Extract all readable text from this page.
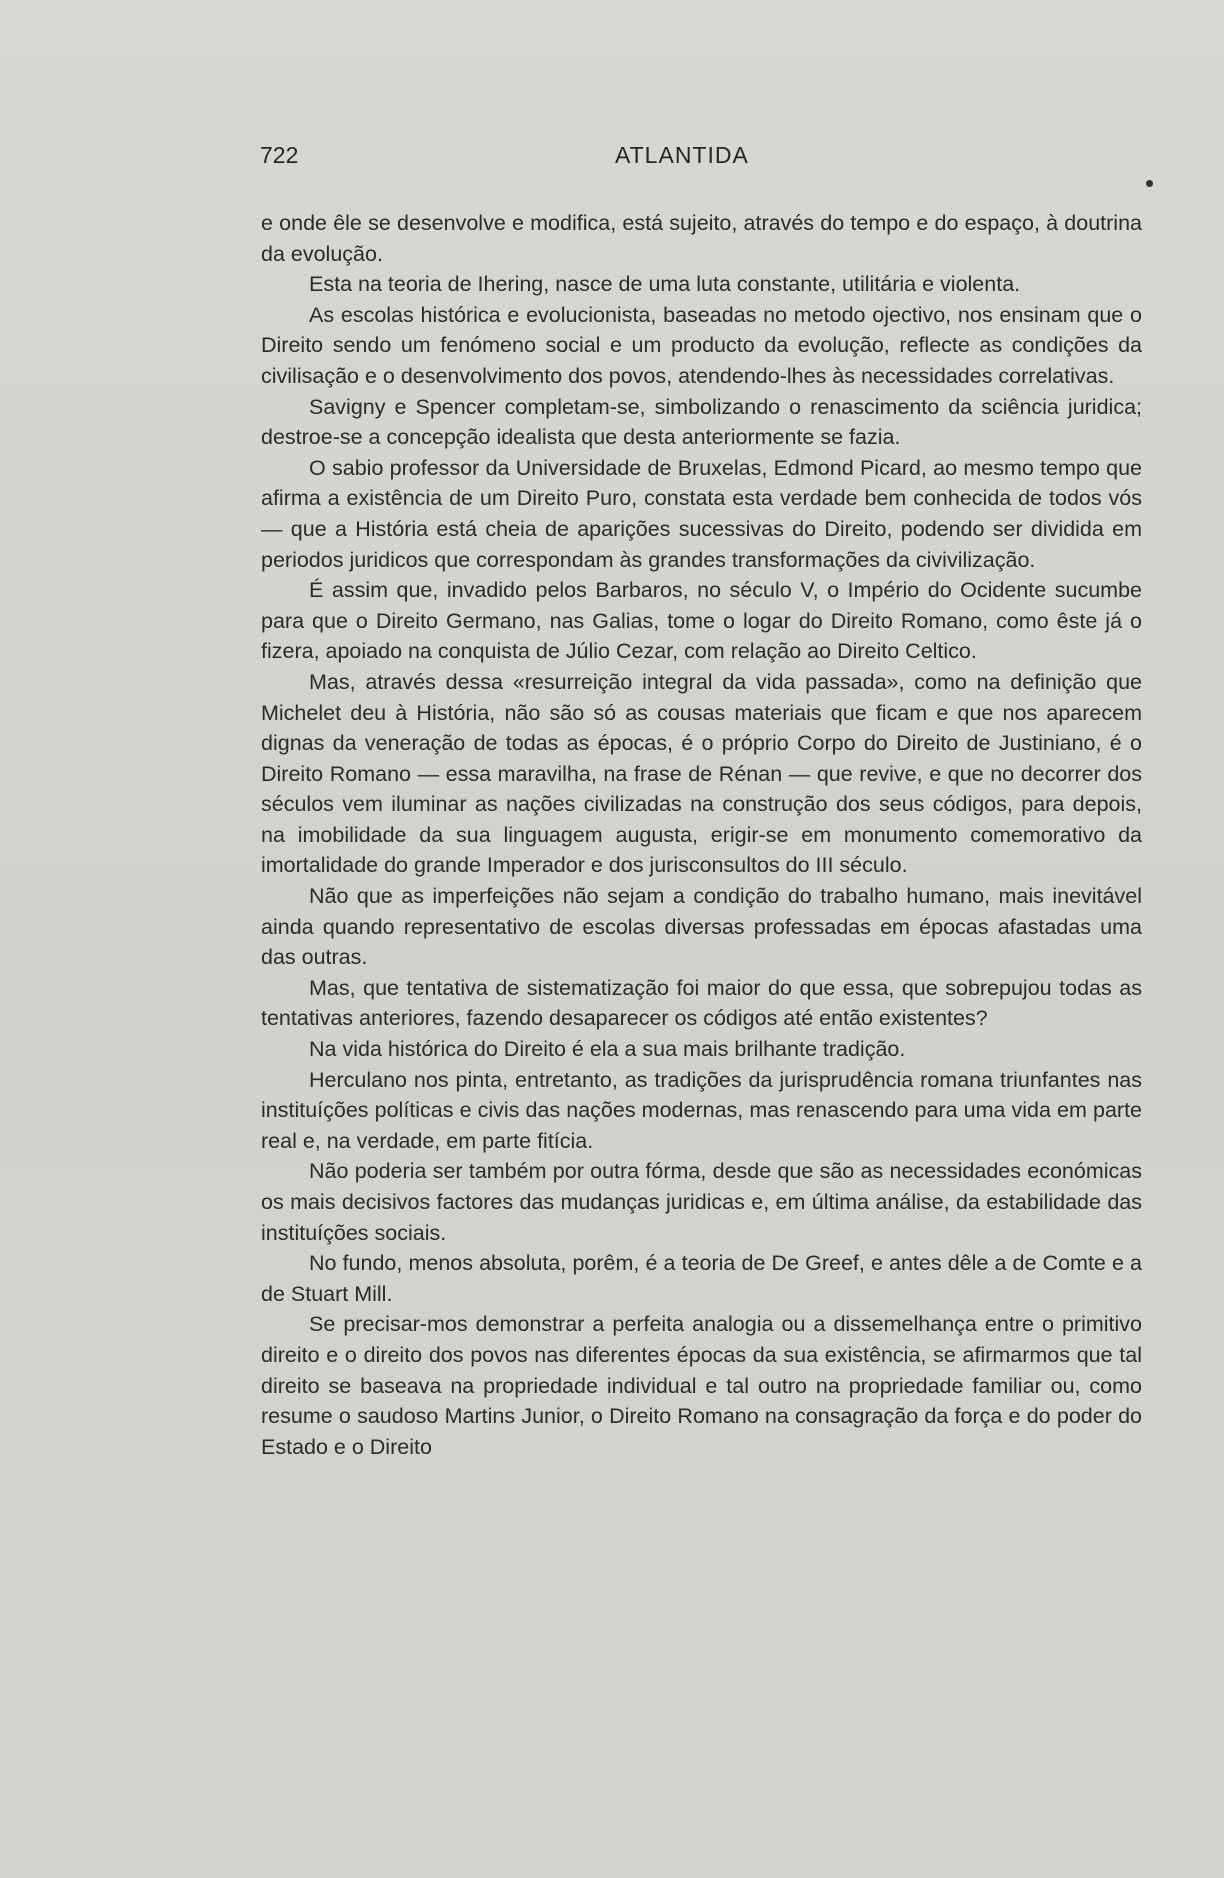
722	ATLANTIDA

e onde êle se desenvolve e modifica, está sujeito, através do tempo e do espaço, à doutrina da evolução.

Esta na teoria de Ihering, nasce de uma luta constante, utilitária e violenta.

As escolas histórica e evolucionista, baseadas no metodo ojectivo, nos ensinam que o Direito sendo um fenómeno social e um producto da evolução, reflecte as condições da civilisação e o desenvolvimento dos povos, atendendo-lhes às necessidades correlativas.

Savigny e Spencer completam-se, simbolizando o renascimento da sciência juridica; destroe-se a concepção idealista que desta anteriormente se fazia.

O sabio professor da Universidade de Bruxelas, Edmond Picard, ao mesmo tempo que afirma a existência de um Direito Puro, constata esta verdade bem conhecida de todos vós — que a História está cheia de aparições sucessivas do Direito, podendo ser dividida em periodos juridicos que correspondam às grandes transformações da civivilização.

É assim que, invadido pelos Barbaros, no século V, o Império do Ocidente sucumbe para que o Direito Germano, nas Galias, tome o logar do Direito Romano, como êste já o fizera, apoiado na conquista de Júlio Cezar, com relação ao Direito Celtico.

Mas, através dessa «resurreição integral da vida passada», como na definição que Michelet deu à História, não são só as cousas materiais que ficam e que nos aparecem dignas da veneração de todas as épocas, é o próprio Corpo do Direito de Justiniano, é o Direito Romano — essa maravilha, na frase de Rénan — que revive, e que no decorrer dos séculos vem iluminar as nações civilizadas na construção dos seus códigos, para depois, na imobilidade da sua linguagem augusta, erigir-se em monumento comemorativo da imortalidade do grande Imperador e dos jurisconsultos do III século.

Não que as imperfeições não sejam a condição do trabalho humano, mais inevitável ainda quando representativo de escolas diversas professadas em épocas afastadas uma das outras.

Mas, que tentativa de sistematização foi maior do que essa, que sobrepujou todas as tentativas anteriores, fazendo desaparecer os códigos até então existentes?

Na vida histórica do Direito é ela a sua mais brilhante tradição.

Herculano nos pinta, entretanto, as tradições da jurisprudência romana triunfantes nas instituíções políticas e civis das nações modernas, mas renascendo para uma vida em parte real e, na verdade, em parte fitícia.

Não poderia ser também por outra fórma, desde que são as necessidades económicas os mais decisivos factores das mudanças juridicas e, em última análise, da estabilidade das instituíções sociais.

No fundo, menos absoluta, porêm, é a teoria de De Greef, e antes dêle a de Comte e a de Stuart Mill.

Se precisar-mos demonstrar a perfeita analogia ou a dissemelhança entre o primitivo direito e o direito dos povos nas diferentes épocas da sua existência, se afirmarmos que tal direito se baseava na propriedade individual e tal outro na propriedade familiar ou, como resume o saudoso Martins Junior, o Direito Romano na consagração da força e do poder do Estado e o Direito
